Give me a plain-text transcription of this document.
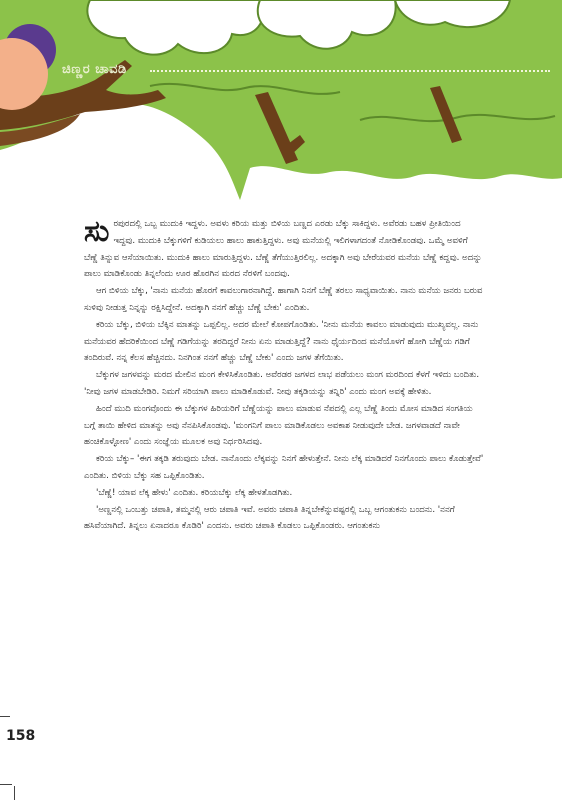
ಚಿಣ್ಣರ ಚಾವಡಿ

ಸುರಪುರದಲ್ಲಿ ಒಬ್ಬ ಮುದುಕಿ ಇದ್ದಳು. ಅವಳು ಕರಿಯ ಮತ್ತು ಬಿಳಿಯ ಬಣ್ಣದ ಎರಡು ಬೆಕ್ಕು ಸಾಕಿದ್ದಳು. ಅವೆರಡು ಬಹಳ ಪ್ರೀತಿಯಿಂದ ಇದ್ದವು. ಮುದುಕಿ ಬೆಕ್ಕುಗಳಿಗೆ ಕುಡಿಯಲು ಹಾಲು ಹಾಕುತ್ತಿದ್ದಳು. ಅವು ಮನೆಯಲ್ಲಿ ಇಲಿಗಳಾಗದಂತೆ ನೋಡಿಕೊಂಡವು. ಒಮ್ಮೆ ಅವಳಿಗೆ ಬೆಣ್ಣೆ ತಿನ್ನುವ ಆಸೆಯಾಯಿತು. ಮುದುಕಿ ಹಾಲು ಮಾರುತ್ತಿದ್ದಳು. ಬೆಣ್ಣೆ ತೆಗೆಯುತ್ತಿರಲಿಲ್ಲ. ಅದಕ್ಕಾಗಿ ಅವು ಬೇರೆಯವರ ಮನೆಯ ಬೆಣ್ಣೆ ಕದ್ದವು. ಅದನ್ನು ಪಾಲು ಮಾಡಿಕೊಂಡು ತಿನ್ನಲೆಂದು ಊರ ಹೊರಗಿನ ಮರದ ನೆರಳಿಗೆ ಬಂದವು.

ಆಗ ಬಿಳಿಯ ಬೆಕ್ಕು, 'ನಾನು ಮನೆಯ ಹೊರಗೆ ಕಾವಲುಗಾರನಾಗಿದ್ದೆ. ಹಾಗಾಗಿ ನಿನಗೆ ಬೆಣ್ಣೆ ತರಲು ಸಾಧ್ಯವಾಯಿತು. ನಾನು ಮನೆಯ ಜನರು ಬರುವ ಸುಳಿವು ನೀಡುತ್ತ ನಿನ್ನನ್ನು ರಕ್ಷಿಸಿದ್ದೇನೆ. ಅದಕ್ಕಾಗಿ ನನಗೆ ಹೆಚ್ಚು ಬೆಣ್ಣೆ ಬೇಕು' ಎಂದಿತು.

ಕರಿಯ ಬೆಕ್ಕು, ಬಿಳಿಯ ಬೆಕ್ಕಿನ ಮಾತನ್ನು ಒಪ್ಪಲಿಲ್ಲ. ಅದರ ಮೇಲೆ ಕೋಪಗೊಂಡಿತು. 'ನೀನು ಮನೆಯ ಕಾವಲು ಮಾಡುವುದು ಮುಖ್ಯವಲ್ಲ. ನಾನು ಮನೆಯವರ ಹೆದರಿಕೆಯಿಂದ ಬೆಣ್ಣೆ ಗಡಿಗೆಯನ್ನು ತರದಿದ್ದರೆ ನೀನು ಏನು ಮಾಡುತ್ತಿದ್ದೆ? ನಾನು ಧೈರ್ಯದಿಂದ ಮನೆಯೊಳಗೆ ಹೋಗಿ ಬೆಣ್ಣೆಯ ಗಡಿಗೆ ತಂದಿರುವೆ. ನನ್ನ ಕೆಲಸ ಹೆಚ್ಚಿನದು. ನಿನಗಿಂತ ನನಗೆ ಹೆಚ್ಚು ಬೆಣ್ಣೆ ಬೇಕು' ಎಂದು ಜಗಳ ತೆಗೆಯಿತು.

ಬೆಕ್ಕುಗಳ ಜಗಳವನ್ನು ಮರದ ಮೇಲಿನ ಮಂಗ ಕೇಳಿಸಿಕೊಂಡಿತು. ಅವೆರಡರ ಜಗಳದ ಲಾಭ ಪಡೆಯಲು ಮಂಗ ಮರದಿಂದ ಕೆಳಗೆ ಇಳಿದು ಬಂದಿತು. 'ನೀವು ಜಗಳ ಮಾಡಬೇಡಿರಿ. ನಿಮಗೆ ಸರಿಯಾಗಿ ಪಾಲು ಮಾಡಿಕೊಡುವೆ. ನೀವು ತಕ್ಕಡಿಯನ್ನು ತನ್ನಿರಿ' ಎಂದು ಮಂಗ ಅವಕ್ಕೆ ಹೇಳಿತು.

ಹಿಂದೆ ಮುದಿ ಮಂಗವೊಂದು ಈ ಬೆಕ್ಕುಗಳ ಹಿರಿಯರಿಗೆ ಬೆಣ್ಣೆಯನ್ನು ಪಾಲು ಮಾಡುವ ನೆಪದಲ್ಲಿ ಎಲ್ಲ ಬೆಣ್ಣೆ ತಿಂದು ಮೋಸ ಮಾಡಿದ ಸಂಗತಿಯ ಬಗ್ಗೆ ತಾಯಿ ಹೇಳಿದ ಮಾತನ್ನು ಅವು ನೆನಪಿಸಿಕೊಂಡವು. 'ಮಂಗನಿಗೆ ಪಾಲು ಮಾಡಿಕೊಡಲು ಅವಕಾಶ ನೀಡುವುದೇ ಬೇಡ. ಜಗಳವಾಡದೆ ನಾವೇ ಹಂಚಿಕೊಳ್ಳೋಣ' ಎಂದು ಸಂಜ್ಞೆಯ ಮೂಲಕ ಅವು ನಿರ್ಧರಿಸಿದವು.

ಕರಿಯ ಬೆಕ್ಕು– 'ಈಗ ತಕ್ಕಡಿ ತರುವುದು ಬೇಡ. ನಾನೊಂದು ಲೆಕ್ಕವನ್ನು ನಿನಗೆ ಹೇಳುತ್ತೇನೆ. ನೀನು ಲೆಕ್ಕ ಮಾಡಿದರೆ ನಿನಗೊಂದು ಪಾಲು ಕೊಡುತ್ತೇವೆ' ಎಂದಿತು. ಬಿಳಿಯ ಬೆಕ್ಕು ಸಹ ಒಪ್ಪಿಕೊಂಡಿತು.

'ಬೆಣ್ಣೆ! ಯಾವ ಲೆಕ್ಕ ಹೇಳು' ಎಂದಿತು. ಕರಿಯಬೆಕ್ಕು ಲೆಕ್ಕ ಹೇಳತೊಡಗಿತು.

'ಅಣ್ಣನಲ್ಲಿ ಒಂಬತ್ತು ಚಪಾತಿ, ತಮ್ಮನಲ್ಲಿ ಆರು ಚಪಾತಿ ಇವೆ. ಅವರು ಚಪಾತಿ ತಿನ್ನಬೇಕೆನ್ನುವಷ್ಟರಲ್ಲಿ ಒಬ್ಬ ಆಗಂತುಕನು ಬಂದನು. 'ನನಗೆ ಹಸಿವೆಯಾಗಿದೆ. ತಿನ್ನಲು ಏನಾದರೂ ಕೊಡಿರಿ' ಎಂದನು. ಅವರು ಚಪಾತಿ ಕೊಡಲು ಒಪ್ಪಿಕೊಂಡರು. ಆಗಂತುಕನು

158
